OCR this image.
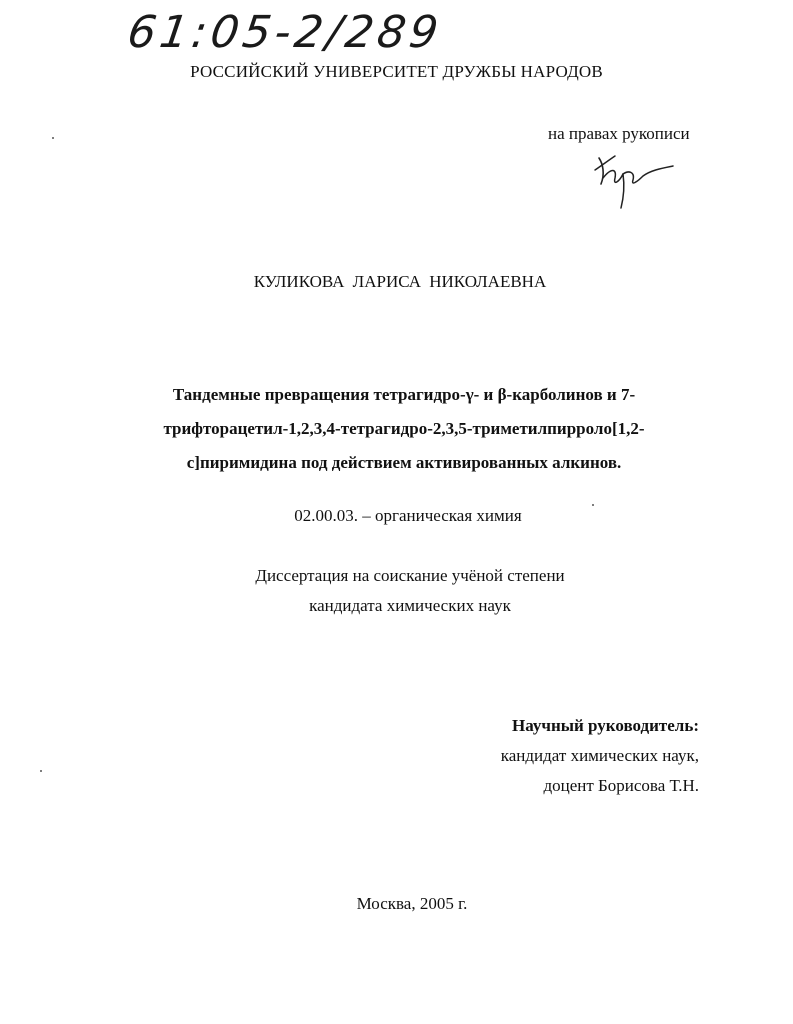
61:05-2/289
РОССИЙСКИЙ УНИВЕРСИТЕТ ДРУЖБЫ НАРОДОВ
на правах рукописи
КУЛИКОВА ЛАРИСА НИКОЛАЕВНА
Тандемные превращения тетрагидро-γ- и β-карболинов и 7-
трифторацетил-1,2,3,4-тетрагидро-2,3,5-триметилпирроло[1,2-
c]пиримидина под действием активированных алкинов.
02.00.03. – органическая химия
Диссертация на соискание учёной степени
кандидата химических наук
Научный руководитель:
кандидат химических наук,
доцент Борисова Т.Н.
Москва, 2005 г.
